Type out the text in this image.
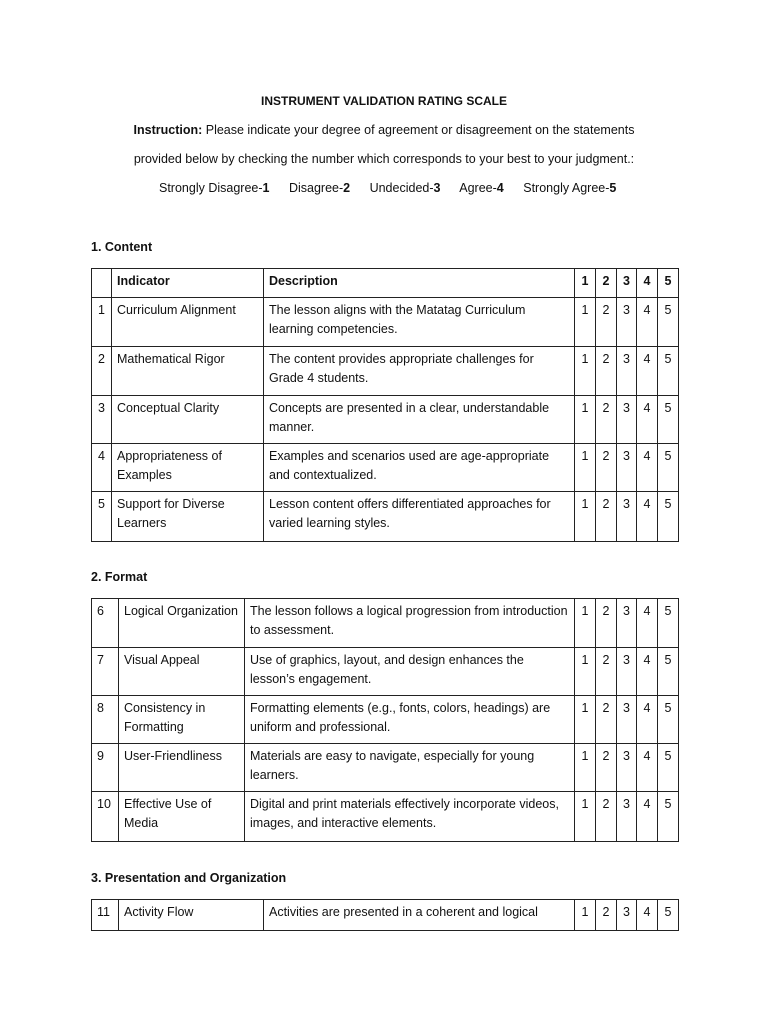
INSTRUMENT VALIDATION RATING SCALE
Instruction: Please indicate your degree of agreement or disagreement on the statements
provided below by checking the number which corresponds to your best to your judgment.:
Strongly Disagree-1 Disagree-2 Undecided-3 Agree-4 Strongly Agree-5
1. Content
	Indicator	Description	1	2	3	4	5
1	Curriculum Alignment	The lesson aligns with the Matatag Curriculum learning competencies.	1	2	3	4	5
2	Mathematical Rigor	The content provides appropriate challenges for Grade 4 students.	1	2	3	4	5
3	Conceptual Clarity	Concepts are presented in a clear, understandable manner.	1	2	3	4	5
4	Appropriateness of Examples	Examples and scenarios used are age-appropriate and contextualized.	1	2	3	4	5
5	Support for Diverse Learners	Lesson content offers differentiated approaches for varied learning styles.	1	2	3	4	5
2. Format
6	Logical Organization	The lesson follows a logical progression from introduction to assessment.	1	2	3	4	5
7	Visual Appeal	Use of graphics, layout, and design enhances the lesson’s engagement.	1	2	3	4	5
8	Consistency in Formatting	Formatting elements (e.g., fonts, colors, headings) are uniform and professional.	1	2	3	4	5
9	User-Friendliness	Materials are easy to navigate, especially for young learners.	1	2	3	4	5
10	Effective Use of Media	Digital and print materials effectively incorporate videos, images, and interactive elements.	1	2	3	4	5
3. Presentation and Organization
11	Activity Flow	Activities are presented in a coherent and logical	1	2	3	4	5
